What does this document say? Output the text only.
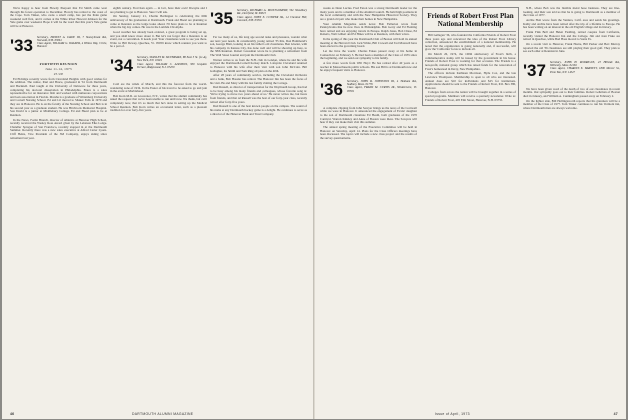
We're happy to hear from Howdy Pierpont that Ed Smith came west through his forest operation to December. Howdy has retired to the coast of the Cape. Tom Tinker, who owns a small camp, has put the Penn game weekend well first, and it comes at the White River Howard Johnson for the Yale game over weekend. Hope it will be the word that this year's Yale game will be at Hanover.

'33 Secretary, ERNEST A. DADE III, 7 Stoneybrook Rd., Norwalk, N.H. 03061
Class Agent, WILLIAM G. WALKER, 4 Willow Way, Circle, Hanover
FORTIETH REUNION
June 11-14, 1973
25 UP

Ed Eldridge recently wrote from Cleveland Heights with good wishes for the addition. The rumor, Paul and Bruce, graduated in '61 from Dartmouth and Bucknell. Paul taught at the University of Delaware for three years, completing his doctoral dissertation in Philadelphia. Bruce is a sales representative for an insurance firm and worked with numerous corporations and loan association in Florida. Marsha is a graduate of Wittenberg University and Cornell Nursing School. Ed and Lil moved to Shaker Falls in 1970 and they are in Hanover. He is on the faculty of the Nursing School and Bob is in his second year as a graduate student. He was Hitchcock Memorial Hospital. Son David is a junior at Middlebury College. Ed and Hazel plan to be at Reunion.

In the News, Fortin Branch, director of athletics at Hanover High School, recently received the Wesley Ross Award given by the Lebanon Elks Lodge. Chandler Sprague of San Francisco, recently stopped in at the Dartmouth Summer. Recently there was a new sales executive at Alfred Carter Lyons. Cliff Heins, Vice President of the 3M Company, enjoys skiing since retirement last year.

eighth century. Fred Ken again — in fact, have their own! Dwayne and I are planning to get to Hanover. Sure I will ask.

On Sunday, January 21, Charlie Berlinguet is celebrating the 60th anniversary of his graduation at Dartmouth. Frank and Hazel are planning to come at Reunion as the lodge looks ahead. I'll have plans to be at Reunion when the big day comes. He was in the Lambda Chi Alpha.

Good weather has already been ordered, a great program is being set up, and you shall know more about it. But let's not forget that a Reunion is an event, not a convention. It needs you! Your classmates want to see you there. Write to: Bill Dewey, Quechee, Vt. 05059 know which reunion you want to be a part of.

'34 Secretary, STANLEY M. SILVERMAN, 88 East 5 St. (11-A), New York, N.Y. 10021
Class Agent, WILLIAM C. ADDISON, 300 Grayden Terrace, Ridgewood, N.J. 07450

Cold are the winds of March, and this the forecast from the world-wandering zone of 1934. In the Easter of his travel to be asked to go and join in the event at Marblehead.

Bob Korn M.D. on Grosvenor, N.Y., writes that the alumni community has asked the request that we've been unable to run until now. We thank, but can't completely now, that it's so much that he's done in setting up the Medical School Reunion. Bob Korn writes an occasional letter, such as a pleasant tradition for over forty-five years.

'35 Secretary, RICHARD A. MONTGOMERY, 561 Woodbury Rd., Deerfield, Ill. 60015
Class Agent, JOHN E. COWPER JR., 14 Chestnut Hill, Concord, N.H. 03301

Far too many of us, life long age second tasks and pleasures, wonder what our next year needs. In considerably young retired '35 this, Don Hammond's son, George Blair, looking in on his father's old classmates. Ben Glazier, with his company in Kansas City, has done well and will be showing up here, to the 38th Reunion. Robert Grossman wrote he is planning a retirement from The Wall Street Journal and join the Dartmouth Club.

Warner writes to us from the N.H. club in London, where he and his wife enjoyed the Dartmouth-Cornell hockey match. Lafayette Cleveland returned to Hanover with his wife after their visit with son John McCain. Bill Gallagher, Ira Smith and Tom Ring all plan on the 40th.

After 28 years of community service, including the Cleveland Orchestra and a bank, Bob Hassler has retired. The Hanover Inn has been the focus of his visit. He and Mary with his last family visiting the Cottage.

Dud Russell, as director of transportation for the Weymouth Group, has had to be busy among his many friends and colleagues, whose favorite song is: 'We're trying to move two years ahead of us.' He never writes me, but hears from friends, and that Al Russell was the best of our forty-year class, recently retired after forty-five years.

Dud Russell is one of the best known people on the campus. The sound of his name at any Dartmouth hockey game is a delight. He continues to serve as a director of the Hanover Bank and Trust Company.

46	DARTMOUTH ALUMNI MAGAZINE

weeks as Dean Lucius. Fred Eaton was a strong Dartmouth leader for the many years and is a member of the Alumni Council. He held high positions in the local community and with the New Hampshire Historical Society. They are a grand old pair who make their homes in New Hampshire.

Your Alumni Magazine sends news: Bob Fullerton wrote from Pennsylvania that he now lives in Philadelphia. Bob Gerry and Ed Fleming have retired and are enjoying travels in Europe. Ralph Jones, Bob Chase, Ed Roberts, Walt Gilbert and Ed Hines will be at Reunion, with their wives.

In the spring of this year the Dartmouth Club of Boston will hold its annual meeting at the Harvard Club. Jack White, Bill Crowell and Ted Maxwell have been elected to the governing board.

Let me have the words: Charles Eakes passed away at his home in Connecticut on February 3. He had been a member of the Class of 1935 since the beginning, and we send our sympathy to his family.

A few more words from Will Hoyt: He has retired after 40 years as a teacher in Massachusetts public schools. His son Bill is at Dartmouth now and he enjoys frequent visits to Hanover.

'36 Secretary, JOHN R. JOHNSTON III, 4 Tinkham Rd., Sudbury, Mass. 01776
Class Agent, FRANK M. CURTIS JR., Windermere, Vt. 05501

A complete clipping from John Sawyer brings us the news of the Cornwall while we were in Hanover. It announced the engagement of Evans' daughter to the son of Dartmouth classmate Ed Heath, both graduates of the 1970 Carnival. Warren Kinsley and Anne of Boston were there. The Sawyers will hear if they can make their visit this summer.

The annual spring meeting of the Executive Committee will be held in Hanover on Saturday, April 14. Plans for the Class Officers meetings have been discussed. The topics will include a new class project and the results of the survey questionnaire.

Friends of Robert Frost Plan National Membership

Bill Gallagan '36, who founded the California Friends of Robert Frost three years ago and conceived the idea of the Robert Frost Library collection, announced the establishment of a national membership. He noted that the organization is going nationally and, if successful, will grow the 'California' focus to include all.

On March 26, 1974, the 100th anniversary of Frost's birth, a commemorative stamp will be issued by the government in his honor. Friends of Robert Frost is working for that occasion. The Friends is a non-profit, national group which has raised funds for the restoration of Frost's homestead in Derry, New Hampshire.

The officers include Kathleen Morrison, Hyde Cox, and the late Lawrance Thompson. Membership is open to all who are interested. Annual dues are $10 for individuals and $25 for institutions. Applications should be sent to the Friends of Robert Frost, P.O. Box 380, Hanover.

Colleges from across the nation will be brought together in a series of special programs. Members will receive a quarterly newsletter. Write to: Friends of Robert Frost, 405 Elm Street, Hanover, N.H. 03755.

N.H., where Bob was the flexible metal hose business. They are fine-looking, and their son told us that he is going to Dartmouth as a member of the Class of 1977.

Archie Holt wrote from the Ventura, Calif. area and sends his greetings. Kathy and Archie have been retired after the trip of a lifetime to Europe. He has been writing on an interest in the old English village and its history.

Frank Fink Bell and Helen Fielding, retired couples from California, recently visited the Hanover Inn and the College. Jim and Jean Fiske are retired in Quechee, while Bud Haas moved to Santa Fe.

On a recent visit to Hanover, Frank Horne, Bill Parker and Bert Murray reported the old '36 classmates are still playing their good golf. They plan to see each other at Reunion in June.

'37 Secretary, JOHN H. RODRIGUE, 23 Hillside Rd., Wellesley, Mass. 02181
Class Agent, CHARLES E. BARNETT, 1800 Mercer St., Penn Yan, N.Y. 14527

We have been given word of the death of two of our classmates in recent months. Our sympathy goes out to their families. Robert Lehrman of Boston died in January, and William A. Cunningham passed away on February 2.

On the lighter side, Bill Hollingsworth reports that his grandson will be a member of the Class of 1977. Tom Tinker continues to run his Vermont inn, where Dartmouth men are always welcome.

Issue of April, 1973	47
